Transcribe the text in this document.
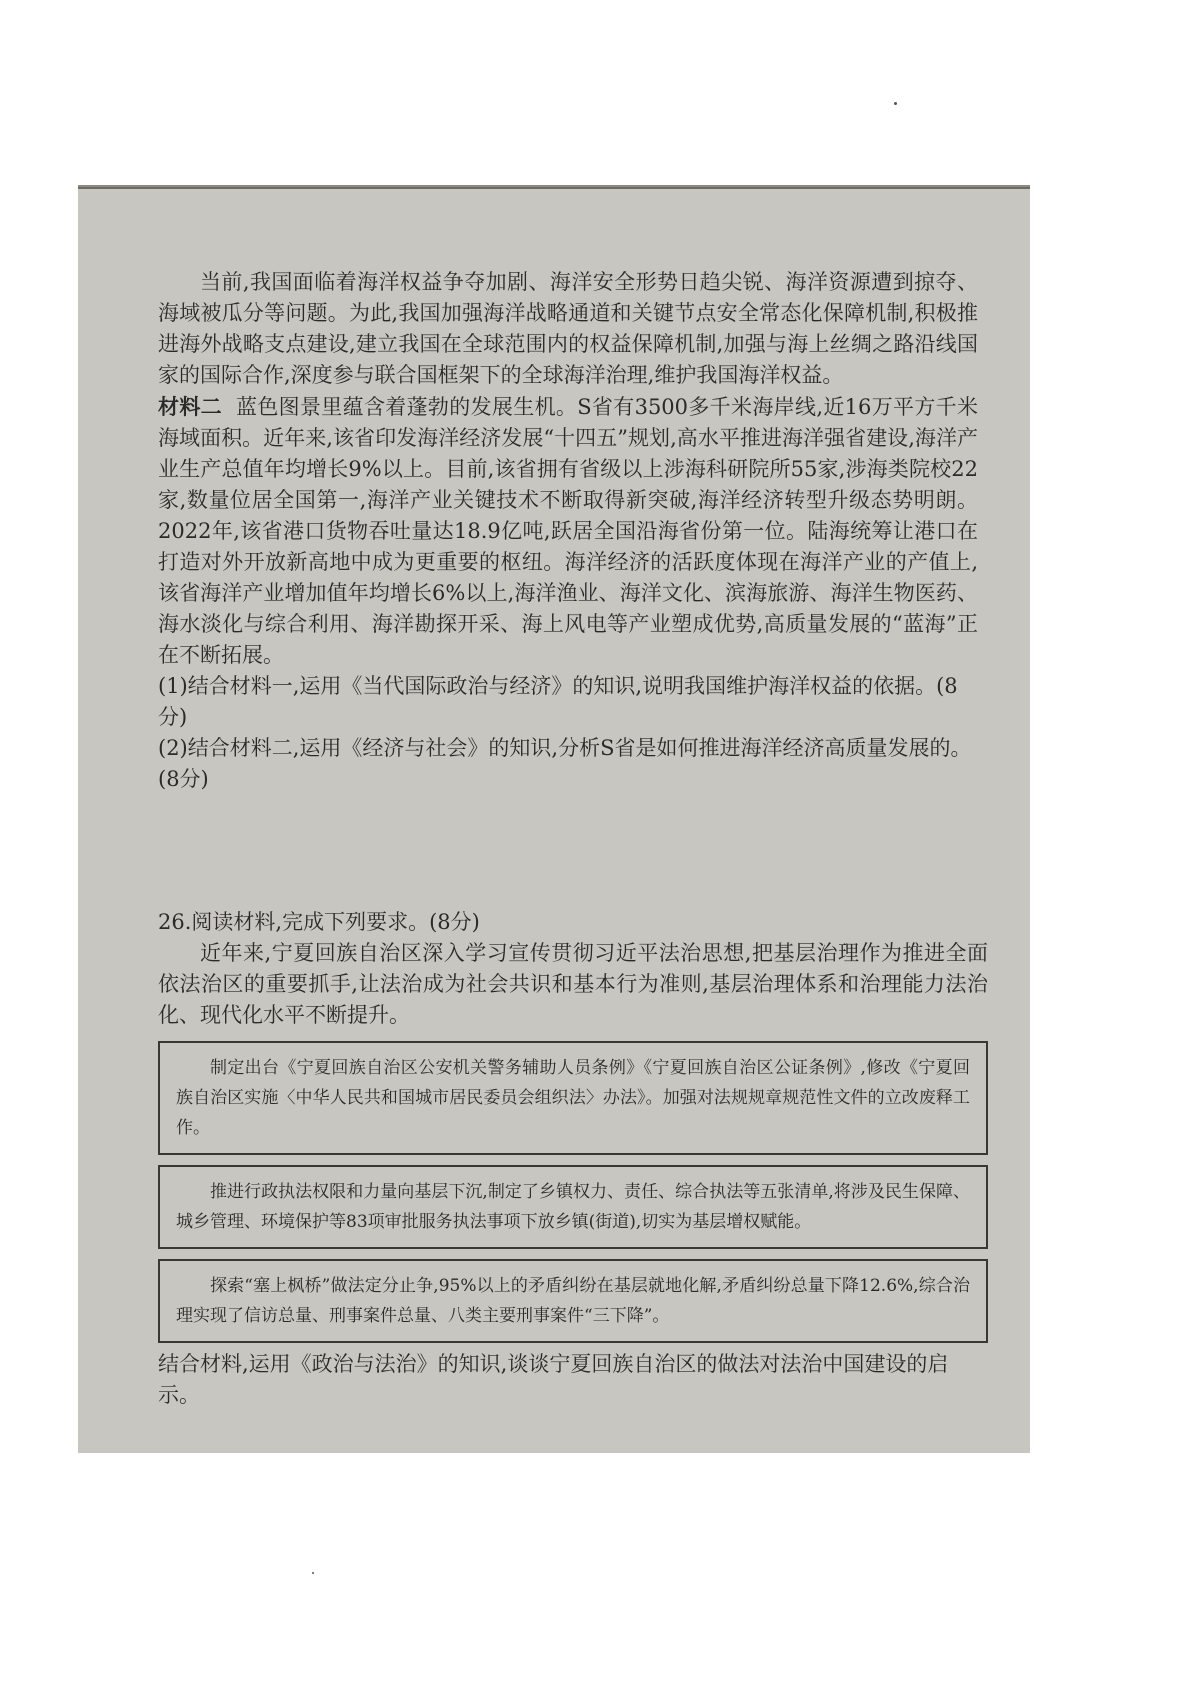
当前,我国面临着海洋权益争夺加剧、海洋安全形势日趋尖锐、海洋资源遭到掠夺、海域被瓜分等问题。为此,我国加强海洋战略通道和关键节点安全常态化保障机制,积极推进海外战略支点建设,建立我国在全球范围内的权益保障机制,加强与海上丝绸之路沿线国家的国际合作,深度参与联合国框架下的全球海洋治理,维护我国海洋权益。

材料二 蓝色图景里蕴含着蓬勃的发展生机。S省有3500多千米海岸线,近16万平方千米海域面积。近年来,该省印发海洋经济发展“十四五”规划,高水平推进海洋强省建设,海洋产业生产总值年均增长9%以上。目前,该省拥有省级以上涉海科研院所55家,涉海类院校22家,数量位居全国第一,海洋产业关键技术不断取得新突破,海洋经济转型升级态势明朗。2022年,该省港口货物吞吐量达18.9亿吨,跃居全国沿海省份第一位。陆海统筹让港口在打造对外开放新高地中成为更重要的枢纽。海洋经济的活跃度体现在海洋产业的产值上,该省海洋产业增加值年均增长6%以上,海洋渔业、海洋文化、滨海旅游、海洋生物医药、海水淡化与综合利用、海洋勘探开采、海上风电等产业塑成优势,高质量发展的“蓝海”正在不断拓展。

(1)结合材料一,运用《当代国际政治与经济》的知识,说明我国维护海洋权益的依据。(8分)

(2)结合材料二,运用《经济与社会》的知识,分析S省是如何推进海洋经济高质量发展的。(8分)

26.阅读材料,完成下列要求。(8分)

近年来,宁夏回族自治区深入学习宣传贯彻习近平法治思想,把基层治理作为推进全面依法治区的重要抓手,让法治成为社会共识和基本行为准则,基层治理体系和治理能力法治化、现代化水平不断提升。

制定出台《宁夏回族自治区公安机关警务辅助人员条例》《宁夏回族自治区公证条例》,修改《宁夏回族自治区实施〈中华人民共和国城市居民委员会组织法〉办法》。加强对法规规章规范性文件的立改废释工作。
推进行政执法权限和力量向基层下沉,制定了乡镇权力、责任、综合执法等五张清单,将涉及民生保障、城乡管理、环境保护等83项审批服务执法事项下放乡镇(街道),切实为基层增权赋能。
探索“塞上枫桥”做法定分止争,95%以上的矛盾纠纷在基层就地化解,矛盾纠纷总量下降12.6%,综合治理实现了信访总量、刑事案件总量、八类主要刑事案件“三下降”。

结合材料,运用《政治与法治》的知识,谈谈宁夏回族自治区的做法对法治中国建设的启示。
